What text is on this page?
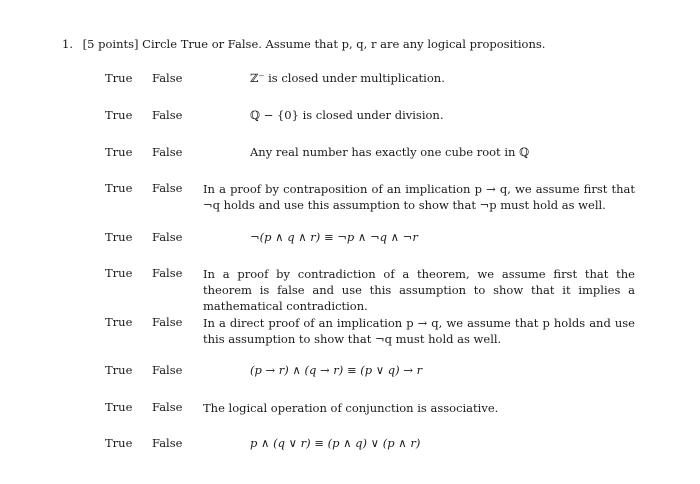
1. [5 points] Circle True or False. Assume that p, q, r are any logical propositions.
True False	ℤ⁻ is closed under multiplication.
True False	ℚ − {0} is closed under division.
True False	Any real number has exactly one cube root in ℚ
True False In a proof by contraposition of an implication p → q, we assume first that ¬q holds and use this assumption to show that ¬p must hold as well.
True False	¬(p ∧ q ∧ r) ≡ ¬p ∧ ¬q ∧ ¬r
True False In a proof by contradiction of a theorem, we assume first that the theorem is false and use this assumption to show that it implies a mathematical contradiction.
True False In a direct proof of an implication p → q, we assume that p holds and use this assumption to show that ¬q must hold as well.
True False	(p → r) ∧ (q → r) ≡ (p ∨ q) → r
True False The logical operation of conjunction is associative.
True False	p ∧ (q ∨ r) ≡ (p ∧ q) ∨ (p ∧ r)
